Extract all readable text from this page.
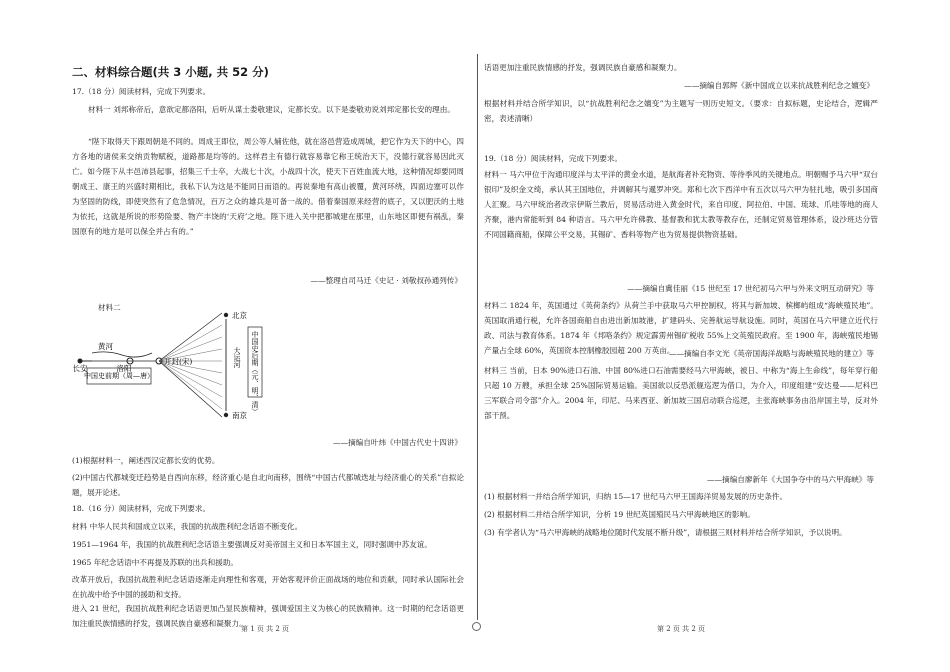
二、材料综合题(共 3 小题, 共 52 分)
17.（18 分）阅读材料，完成下列要求。
材料一 刘邦称帝后，意欲定都洛阳，后听从谋士娄敬建议，定都长安。以下是娄敬劝说刘邦定都长安的理由。
“陛下取得天下跟周朝是不同的。周成王即位，周公等人辅佐他，就在洛邑营造成周城，把它作为天下的中心，四方各地的诸侯来交纳贡物赋税，道路都是均等的。这样君主有德行就容易靠它称王统治天下，没德行就容易因此灭亡。如今陛下从丰邑沛县起事，招集三千士卒，大战七十次，小战四十次，使天下百姓血流大地，这种情况却要同周朝成王、康王的兴盛时期相比，我私下认为这是不能同日而语的。再说秦地有高山被覆，黄河环绕，四面边塞可以作为坚固的防线，即使突然有了危急情况，百万之众的雄兵是可备一战的。借着秦国原来经营的底子，又以肥沃的土地为依托，这就是所说的形势险要、物产丰饶的‘天府’之地。陛下进入关中把都城建在那里，山东地区即便有祸乱，秦国原有的地方是可以保全并占有的。”
——整理自司马迁《史记 · 刘敬叔孙通列传》
材料二
黄河
长安	洛阳
开封(宋)
中国史前期（周—唐）
北京
南京
大运河 中国史后期（元、明、清）
——摘编自叶炜《中国古代史十四讲》
(1)根据材料一，阐述西汉定都长安的优势。
(2)中国古代都城变迁趋势是自西向东移，经济重心是自北向南移，围绕“中国古代都城迭址与经济重心的关系”自拟论题，展开论述。
18.（16 分）阅读材料，完成下列要求。
材料 中华人民共和国成立以来，我国的抗战胜利纪念话语不断变化。
1951—1964 年，我国的抗战胜利纪念话语主要强调反对美帝国主义和日本军国主义，同时强调中苏友谊。
1965 年纪念话语中不再提及苏联的出兵和援助。
改革开放后，我国抗战胜利纪念话语逐渐走向理性和客观，开始客观评价正面战场的地位和贡献，同时承认国际社会在抗战中给予中国的援助和支持。
进入 21 世纪，我国抗战胜利纪念话语更加凸显民族精神，强调爱国主义为核心的民族精神。这一时期的纪念话语更加注重民族情感的抒发，强调民族自豪感和凝聚力。
话语更加注重民族情感的抒发，强调民族自豪感和凝聚力。
——摘编自郭辉《新中国成立以来抗战胜利纪念之嬗变》
根据材料并结合所学知识，以“抗战胜利纪念之嬗变”为主题写一则历史短文。（要求：自拟标题，史论结合，逻辑严密，表述清晰）
19.（18 分）阅读材料，完成下列要求。
材料一 马六甲位于沟通印度洋与太平洋的黄金水道，是航海者补充物资、等待季风的关键地点。明朝赐予马六甲“双台银印”及织金文绮，承认其王国地位，并调解其与暹罗冲突。郑和七次下西洋中有五次以马六甲为驻扎地，吸引多国商人汇聚。马六甲统治者改宗伊斯兰教后，贸易活动进入黄金时代，来自印度、阿拉伯、中国、琉球、爪哇等地的商人齐聚，港内常能听到 84 种语言。马六甲允许佛教、基督教和犹太教等教存在，还制定贸易管理体系，设沙班达分管不同国籍商船，保障公平交易，其锡矿、香料等物产也为贸易提供物资基础。
——摘编自冀佳丽《15 世纪至 17 世纪初马六甲与外来文明互动研究》等
材料二 1824 年，英国通过《英荷条约》从荷兰手中获取马六甲控制权，将其与新加坡、槟榔屿组成“海峡殖民地”。英国取消通行税，允许各国商船自由进出新加坡港，扩建码头、完善航运导航设施。同时，英国在马六甲建立近代行政、司法与教育体系。1874 年《邦咯条约》规定霹雳州锡矿税收 55%上交英殖民政府。至 1900 年，海峡殖民地锡产量占全球 60%，英国资本控制橡胶园超 200 万英亩。
——摘编自李文光《英帝国海洋战略与海峡殖民地的建立》等
材料三 当前，日本 90%进口石油、中国 80%进口石油需要经马六甲海峡，被日、中称为“海上生命线”，每年穿行船只超 10 万艘，承担全球 25%国际贸易运输。美国欲以反恐派舰巡逻为借口，为介入，印度组建“安达曼——尼科巴三军联合司令部”介入。2004 年，印尼、马来西亚、新加坡三国启动联合巡逻，主张海峡事务由沿岸国主导，反对外部干预。
——摘编自廖新年《大国争夺中的马六甲海峡》等
(1) 根据材料一并结合所学知识，归纳 15—17 世纪马六甲王国海洋贸易发展的历史条件。
(2) 根据材料二并结合所学知识，分析 19 世纪英国殖民马六甲海峡地区的影响。
(3) 有学者认为“马六甲海峡的战略地位随时代发展不断升级”，请根据三则材料并结合所学知识，予以说明。
第 1 页 共 2 页	第 2 页 共 2 页
